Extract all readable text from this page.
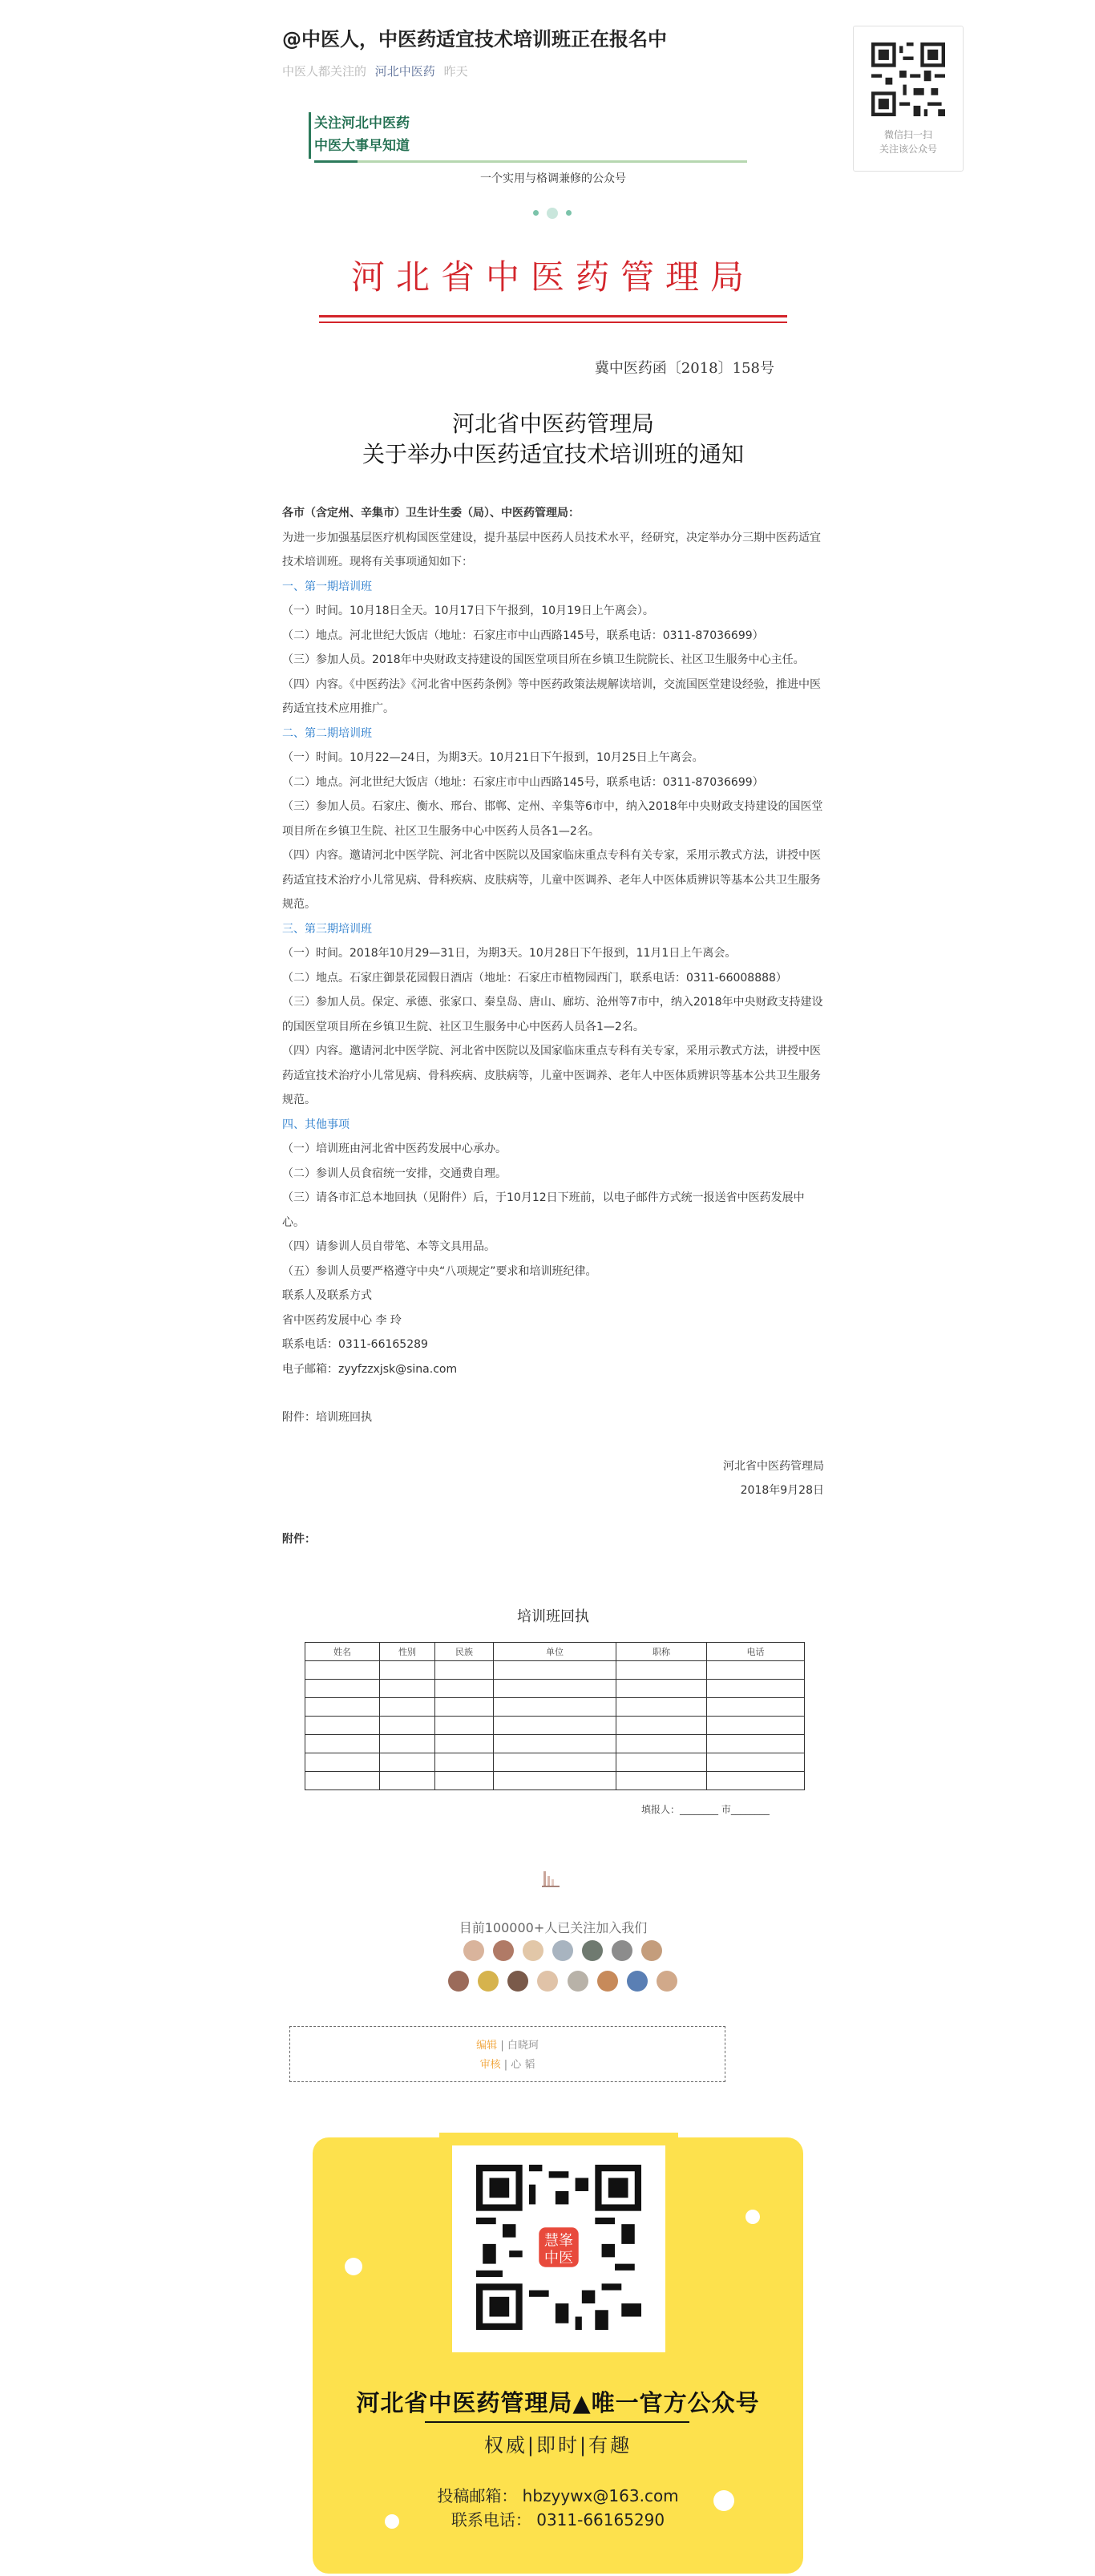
@中医人，中医药适宜技术培训班正在报名中
中医人都关注的 河北中医药 昨天
微信扫一扫
关注该公众号
关注河北中医药
中医大事早知道
一个实用与格调兼修的公众号
河北省中医药管理局
冀中医药函〔2018〕158号
河北省中医药管理局
关于举办中医药适宜技术培训班的通知

各市（含定州、辛集市）卫生计生委（局）、中医药管理局：

为进一步加强基层医疗机构国医堂建设，提升基层中医药人员技术水平，经研究，决定举办分三期中医药适宜技术培训班。现将有关事项通知如下：

一、第一期培训班

（一）时间。10月18日全天。10月17日下午报到，10月19日上午离会）。

（二）地点。河北世纪大饭店（地址：石家庄市中山西路145号，联系电话：0311-87036699）

（三）参加人员。2018年中央财政支持建设的国医堂项目所在乡镇卫生院院长、社区卫生服务中心主任。

（四）内容。《中医药法》《河北省中医药条例》等中医药政策法规解读培训，交流国医堂建设经验，推进中医药适宜技术应用推广。

二、第二期培训班

（一）时间。10月22—24日，为期3天。10月21日下午报到，10月25日上午离会。

（二）地点。河北世纪大饭店（地址：石家庄市中山西路145号，联系电话：0311-87036699）

（三）参加人员。石家庄、衡水、邢台、邯郸、定州、辛集等6市中，纳入2018年中央财政支持建设的国医堂项目所在乡镇卫生院、社区卫生服务中心中医药人员各1—2名。

（四）内容。邀请河北中医学院、河北省中医院以及国家临床重点专科有关专家，采用示教式方法，讲授中医药适宜技术治疗小儿常见病、骨科疾病、皮肤病等，儿童中医调养、老年人中医体质辨识等基本公共卫生服务规范。

三、第三期培训班

（一）时间。2018年10月29—31日，为期3天。10月28日下午报到，11月1日上午离会。

（二）地点。石家庄御景花园假日酒店（地址：石家庄市植物园西门，联系电话：0311-66008888）

（三）参加人员。保定、承德、张家口、秦皇岛、唐山、廊坊、沧州等7市中，纳入2018年中央财政支持建设的国医堂项目所在乡镇卫生院、社区卫生服务中心中医药人员各1—2名。

（四）内容。邀请河北中医学院、河北省中医院以及国家临床重点专科有关专家，采用示教式方法，讲授中医药适宜技术治疗小儿常见病、骨科疾病、皮肤病等，儿童中医调养、老年人中医体质辨识等基本公共卫生服务规范。

四、其他事项

（一）培训班由河北省中医药发展中心承办。

（二）参训人员食宿统一安排，交通费自理。

（三）请各市汇总本地回执（见附件）后，于10月12日下班前，以电子邮件方式统一报送省中医药发展中心。

（四）请参训人员自带笔、本等文具用品。

（五）参训人员要严格遵守中央“八项规定”要求和培训班纪律。

联系人及联系方式

省中医药发展中心 李 玲

联系电话：0311-66165289

电子邮箱：zyyfzzxjsk@sina.com

附件：培训班回执

河北省中医药管理局

2018年9月28日

附件：

培训班回执
姓名	性别	民族	单位	职称	电话

填报人：________ 市________
目前100000+人已关注加入我们

编辑 | 白晓珂
审核 | 心 韬
慧峯
中医
河北省中医药管理局▲唯一官方公众号
权威|即时|有趣
投稿邮箱： hbzyywx@163.com
联系电话： 0311-66165290
